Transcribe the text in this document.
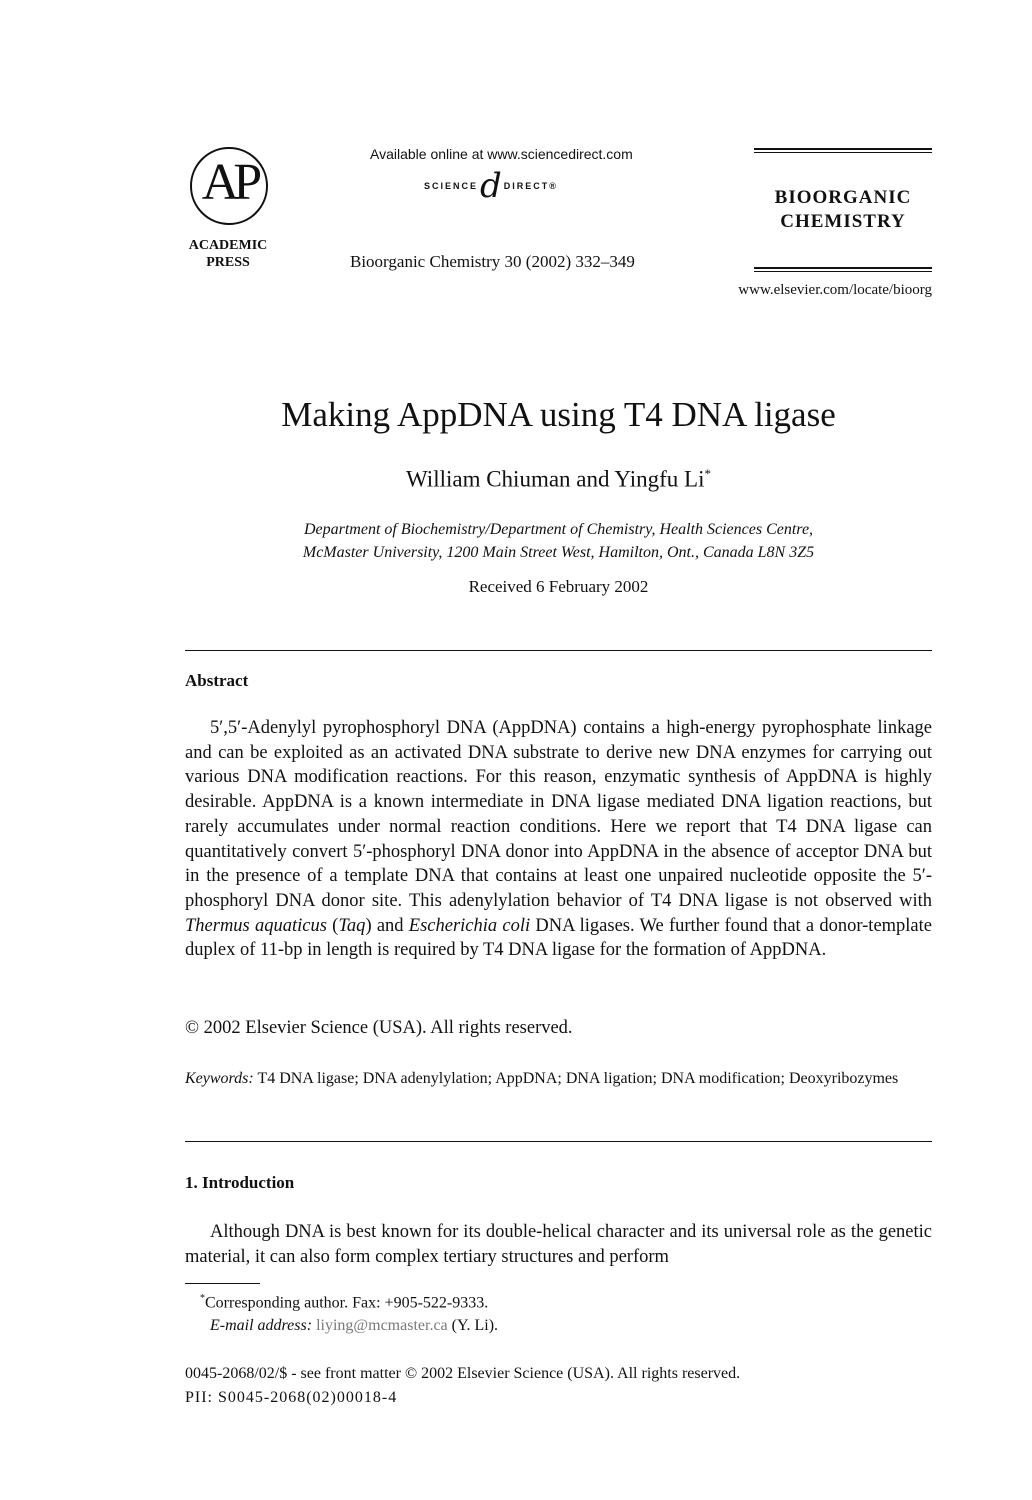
AP
ACADEMIC
PRESS
Available online at www.sciencedirect.com
SCIENCE d DIRECT®
Bioorganic Chemistry 30 (2002) 332–349
BIOORGANIC
CHEMISTRY
www.elsevier.com/locate/bioorg
Making AppDNA using T4 DNA ligase
William Chiuman and Yingfu Li*
Department of Biochemistry/Department of Chemistry, Health Sciences Centre,
McMaster University, 1200 Main Street West, Hamilton, Ont., Canada L8N 3Z5
Received 6 February 2002
Abstract
5′,5′-Adenylyl pyrophosphoryl DNA (AppDNA) contains a high-energy pyrophosphate linkage and can be exploited as an activated DNA substrate to derive new DNA enzymes for carrying out various DNA modification reactions. For this reason, enzymatic synthesis of AppDNA is highly desirable. AppDNA is a known intermediate in DNA ligase mediated DNA ligation reactions, but rarely accumulates under normal reaction conditions. Here we report that T4 DNA ligase can quantitatively convert 5′-phosphoryl DNA donor into AppDNA in the absence of acceptor DNA but in the presence of a template DNA that contains at least one unpaired nucleotide opposite the 5′-phosphoryl DNA donor site. This adenylylation behavior of T4 DNA ligase is not observed with Thermus aquaticus (Taq) and Escherichia coli DNA ligases. We further found that a donor-template duplex of 11-bp in length is required by T4 DNA ligase for the formation of AppDNA.
© 2002 Elsevier Science (USA). All rights reserved.
Keywords: T4 DNA ligase; DNA adenylylation; AppDNA; DNA ligation; DNA modification; Deoxyribozymes
1. Introduction
Although DNA is best known for its double-helical character and its universal role as the genetic material, it can also form complex tertiary structures and perform
*Corresponding author. Fax: +905-522-9333.
E-mail address: liying@mcmaster.ca (Y. Li).
0045-2068/02/$ - see front matter © 2002 Elsevier Science (USA). All rights reserved.
PII: S0045-2068(02)00018-4
